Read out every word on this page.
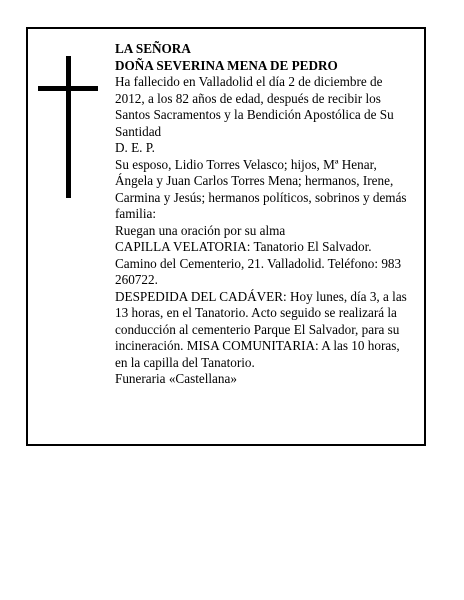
LA SEÑORA

DOÑA SEVERINA MENA DE PEDRO

Ha fallecido en Valladolid el día 2 de diciembre de 2012, a los 82 años de edad, después de recibir los Santos Sacramentos y la Bendición Apostólica de Su Santidad

D. E. P.

Su esposo, Lidio Torres Velasco; hijos, Mª Henar, Ángela y Juan Carlos Torres Mena; hermanos, Irene, Carmina y Jesús; hermanos políticos, sobrinos y demás familia:

Ruegan una oración por su alma

CAPILLA VELATORIA: Tanatorio El Salvador. Camino del Cementerio, 21. Valladolid. Teléfono: 983 260722.

DESPEDIDA DEL CADÁVER: Hoy lunes, día 3, a las 13 horas, en el Tanatorio. Acto seguido se realizará la conducción al cementerio Parque El Salvador, para su incineración. MISA COMUNITARIA: A las 10 horas, en la capilla del Tanatorio.

Funeraria «Castellana»
